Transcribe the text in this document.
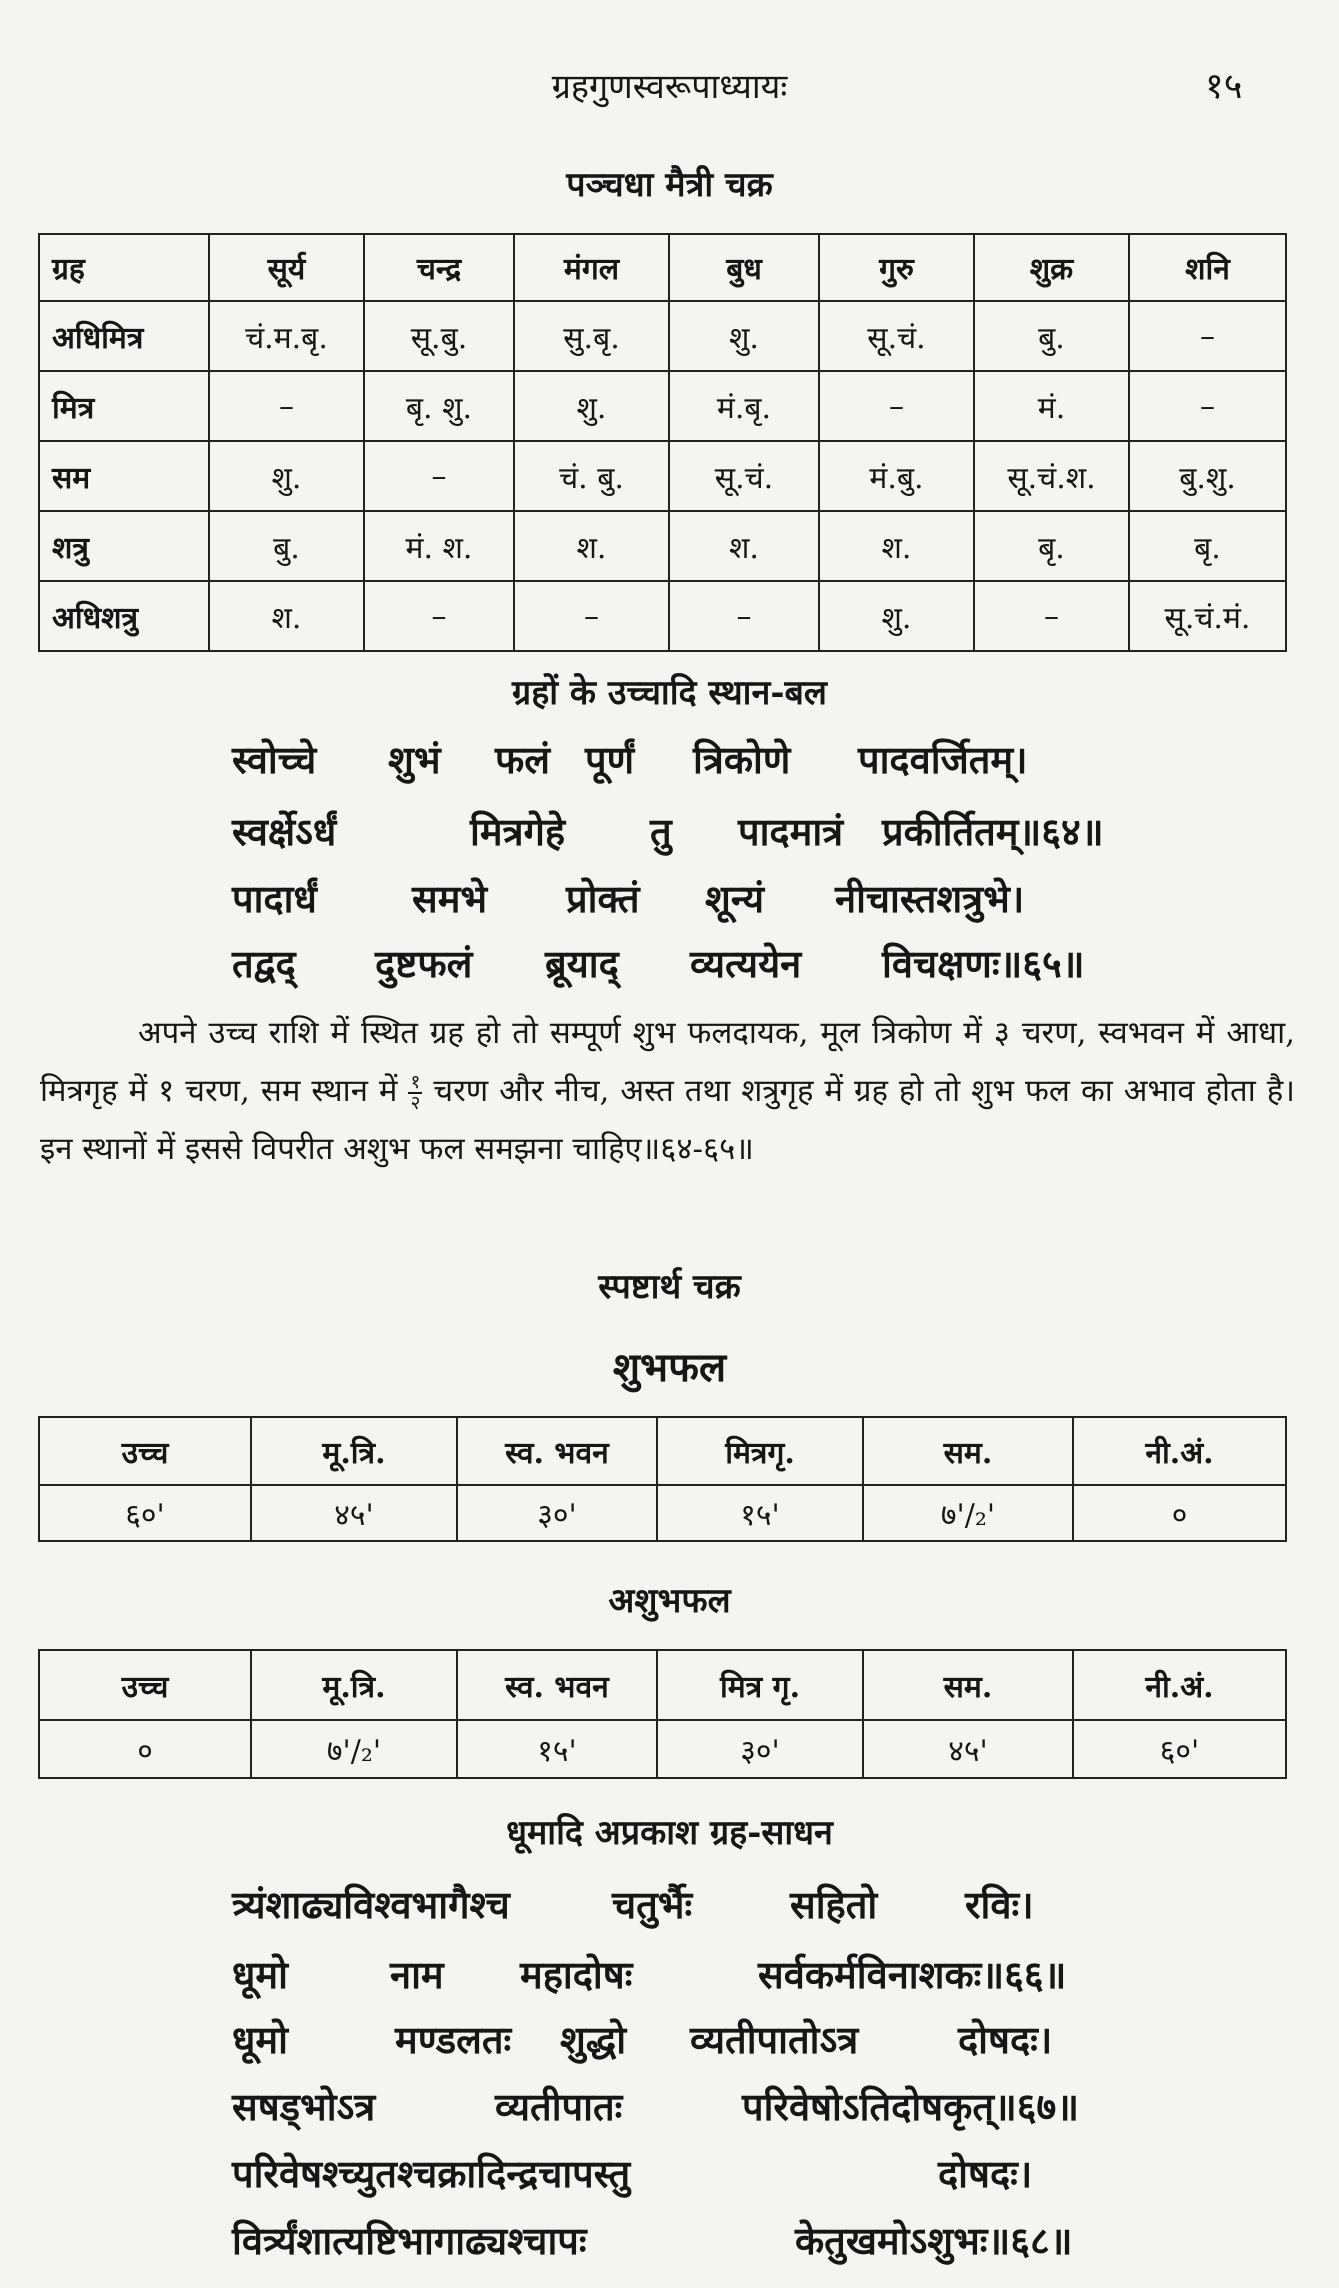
ग्रहगुणस्वरूपाध्यायः	१५
पञ्चधा मैत्री चक्र
ग्रह	सूर्य	चन्द्र	मंगल	बुध	गुरु	शुक्र	शनि
अधिमित्र	चं.म.बृ.	सू.बु.	सु.बृ.	शु.	सू.चं.	बु.	–
मित्र	–	बृ. शु.	शु.	मं.बृ.	–	मं.	–
सम	शु.	–	चं. बु.	सू.चं.	मं.बु.	सू.चं.श.	बु.शु.
शत्रु	बु.	मं. श.	श.	श.	श.	बृ.	बृ.
अधिशत्रु	श.	–	–	–	शु.	–	सू.चं.मं.
ग्रहों के उच्चादि स्थान-बल
स्वोच्चे शुभं फलं पूर्णं त्रिकोणे पादवर्जितम्।
स्वर्क्षेऽर्धं	मित्रगेहे तु पादमात्रं प्रकीर्तितम्॥६४॥
पादार्धं	समभे प्रोक्तं शून्यं नीचास्तशत्रुभे।
तद्वद् दुष्टफलं ब्रूयाद् व्यत्ययेन विचक्षणः॥६५॥
अपने उच्च राशि में स्थित ग्रह हो तो सम्पूर्ण शुभ फलदायक, मूल त्रिकोण में ३ चरण, स्वभवन में आधा, मित्रगृह में १ चरण, सम स्थान में $\frac{१}{२}$ चरण और नीच, अस्त तथा शत्रुगृह में ग्रह हो तो शुभ फल का अभाव होता है। इन स्थानों में इससे विपरीत अशुभ फल समझना चाहिए॥६४-६५॥
स्पष्टार्थ चक्र
शुभफल
उच्च	मू.त्रि.	स्व. भवन	मित्रगृ.	सम.	नी.अं.
६०'	४५'	३०'	१५'	७'/₂'	०
अशुभफल
उच्च	मू.त्रि.	स्व. भवन	मित्र गृ.	सम.	नी.अं.
०	७'/₂'	१५'	३०'	४५'	६०'
धूमादि अप्रकाश ग्रह-साधन
त्र्यंशाढ्यविश्वभागैश्च	चतुर्भैः	सहितो रविः।
धूमो	नाम महादोषः	सर्वकर्मविनाशकः॥६६॥
धूमो	मण्डलतः शुद्धो व्यतीपातोऽत्र	दोषदः।
सषड्भोऽत्र	व्यतीपातः	परिवेषोऽतिदोषकृत्॥६७॥
परिवेषश्च्युतश्चक्रादिन्द्रचापस्तु	दोषदः।
विर्त्र्यंशात्यष्टिभागाढ्यश्चापः	केतुखमोऽशुभः॥६८॥
